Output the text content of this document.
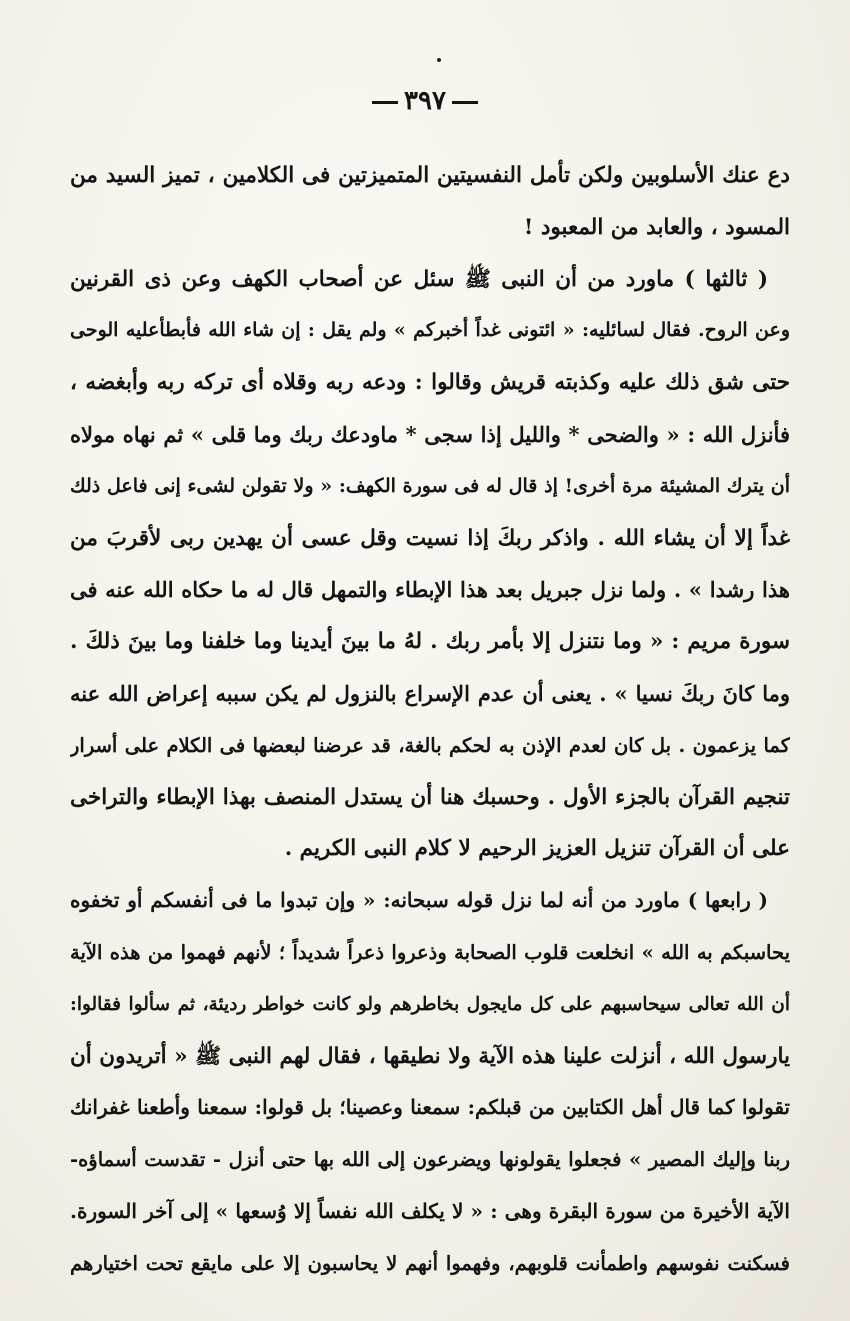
٣٩٧
دع عنك الأسلوبين ولكن تأمل النفسيتين المتميزتين فى الكلامين ، تميز السيد من
المسود ، والعابد من المعبود !
( ثالثها ) ماورد من أن النبى ﷺ سئل عن أصحاب الكهف وعن ذى القرنين
وعن الروح. فقال لسائليه: « ائتونى غداً أخبركم » ولم يقل : إن شاء الله فأبطأعليه الوحى
حتى شق ذلك عليه وكذبته قريش وقالوا : ودعه ربه وقلاه أى تركه ربه وأبغضه ،
فأنزل الله : « والضحى * والليل إذا سجى * ماودعك ربك وما قلى » ثم نهاه مولاه
أن يترك المشيئة مرة أخرى! إذ قال له فى سورة الكهف: « ولا تقولن لشىء إنى فاعل ذلك
غداً إلا أن يشاء الله . واذكر ربكَ إذا نسيت وقل عسى أن يهدين ربى لأقربَ من
هذا رشدا » . ولما نزل جبريل بعد هذا الإبطاء والتمهل قال له ما حكاه الله عنه فى
سورة مريم : « وما نتنزل إلا بأمر ربك . لهُ ما بينَ أيدينا وما خلفنا وما بينَ ذلكَ .
وما كانَ ربكَ نسيا » . يعنى أن عدم الإسراع بالنزول لم يكن سببه إعراض الله عنه
كما يزعمون . بل كان لعدم الإذن به لحكم بالغة، قد عرضنا لبعضها فى الكلام على أسرار
تنجيم القرآن بالجزء الأول . وحسبك هنا أن يستدل المنصف بهذا الإبطاء والتراخى
على أن القرآن تنزيل العزيز الرحيم لا كلام النبى الكريم .
( رابعها ) ماورد من أنه لما نزل قوله سبحانه: « وإن تبدوا ما فى أنفسكم أو تخفوه
يحاسبكم به الله » انخلعت قلوب الصحابة وذعروا ذعراً شديداً ؛ لأنهم فهموا من هذه الآية
أن الله تعالى سيحاسبهم على كل مايجول بخاطرهم ولو كانت خواطر رديئة، ثم سألوا فقالوا:
يارسول الله ، أنزلت علينا هذه الآية ولا نطيقها ، فقال لهم النبى ﷺ « أتريدون أن
تقولوا كما قال أهل الكتابين من قبلكم: سمعنا وعصينا؛ بل قولوا: سمعنا وأطعنا غفرانك
ربنا وإليك المصير » فجعلوا يقولونها ويضرعون إلى الله بها حتى أنزل - تقدست أسماؤه-
الآية الأخيرة من سورة البقرة وهى : « لا يكلف الله نفساً إلا وُسعها » إلى آخر السورة.
فسكنت نفوسهم واطمأنت قلوبهم، وفهموا أنهم لا يحاسبون إلا على مايقع تحت اختيارهم
